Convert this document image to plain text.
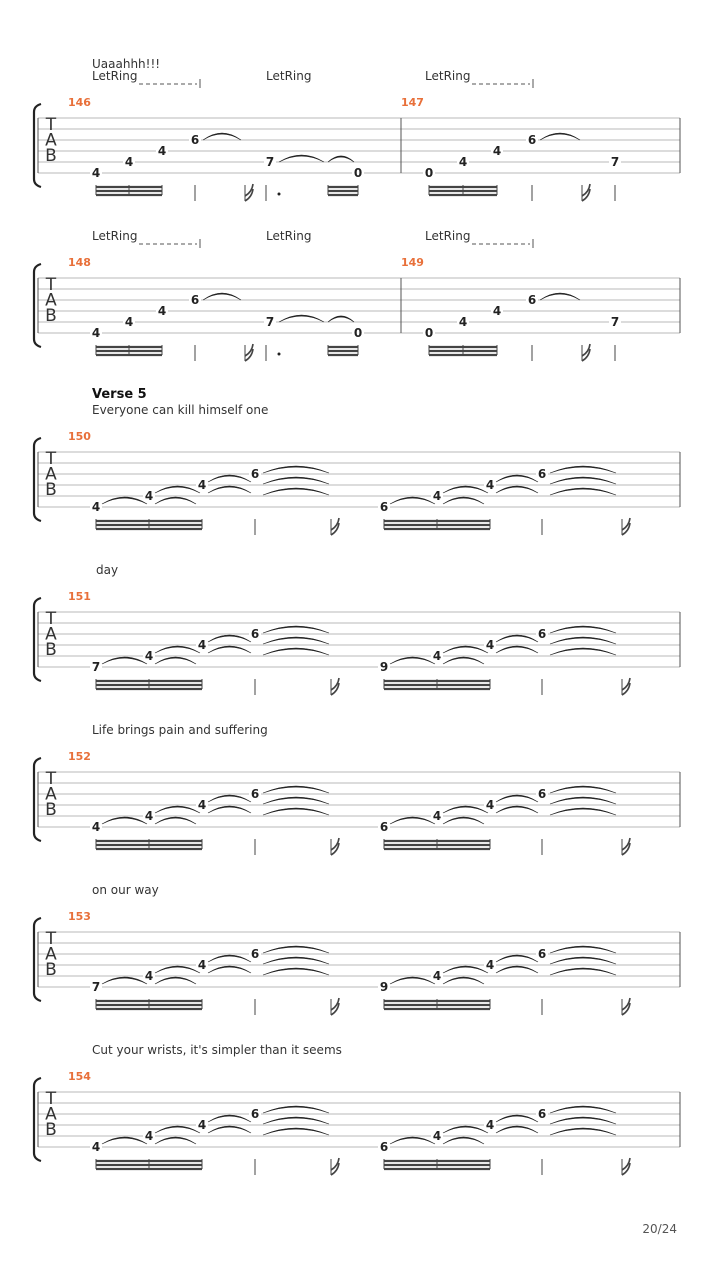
Uaaahhh!!!
LetRing	LetRing	LetRing
LetRing	LetRing	LetRing
Verse 5
Everyone can kill himself one
day
Life brings pain and suffering
on our way
Cut your wrists, it's simpler than it seems
146	147
148	149
150
151
152
153
154
20/24
T
A
B
4
4
4
6
7
0	0
4
4
6
7
T
A
B
4
4
4
6
7
0	0
4
4
6
7
T
A
B
4
4
4
6
6
4
4
6
T
A
B
7
4
4
6
9
4
4
6
T
A
B
4
4
4
6
6
4
4
6
T
A
B
7
4
4
6
9
4
4
6
T
A
B
4
4
4
6
6
4
4
6
